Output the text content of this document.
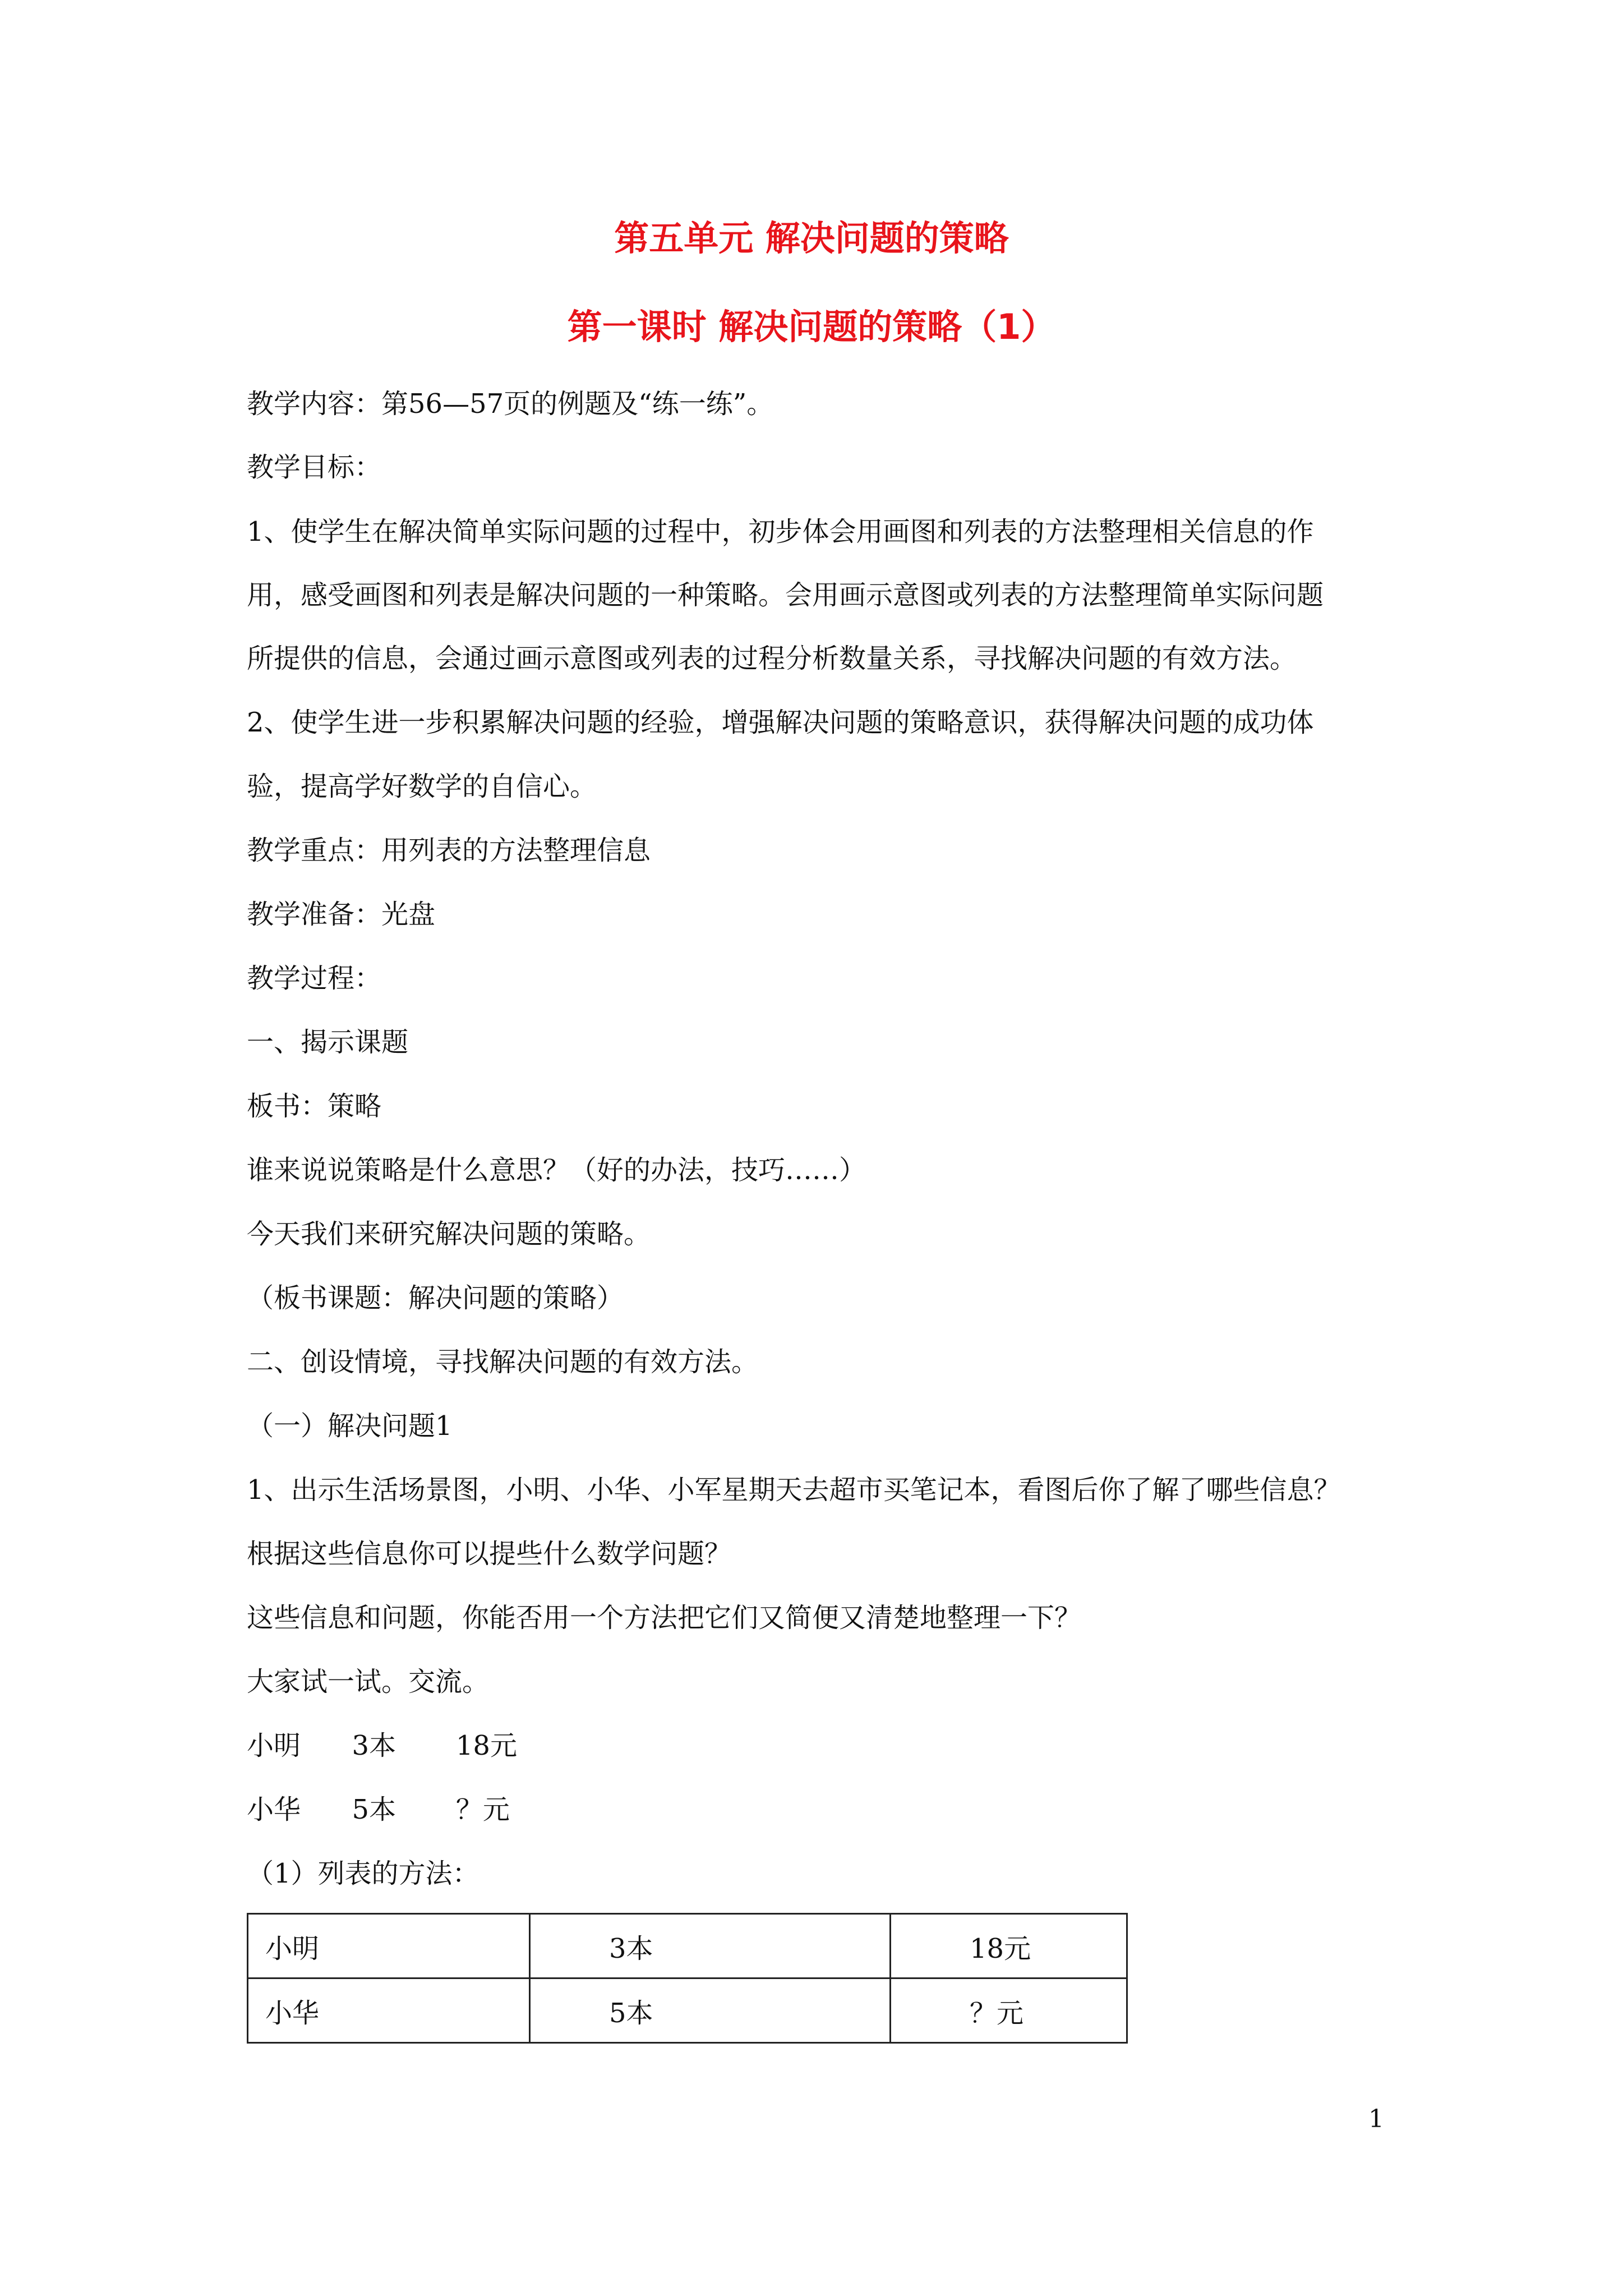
第五单元 解决问题的策略
第一课时 解决问题的策略（1）
教学内容：第56—57页的例题及“练一练”。
教学目标：
1、使学生在解决简单实际问题的过程中，初步体会用画图和列表的方法整理相关信息的作
用，感受画图和列表是解决问题的一种策略。会用画示意图或列表的方法整理简单实际问题
所提供的信息，会通过画示意图或列表的过程分析数量关系，寻找解决问题的有效方法。
2、使学生进一步积累解决问题的经验，增强解决问题的策略意识，获得解决问题的成功体
验，提高学好数学的自信心。
教学重点：用列表的方法整理信息
教学准备：光盘
教学过程：
一、揭示课题
板书：策略
谁来说说策略是什么意思？（好的办法，技巧……）
今天我们来研究解决问题的策略。
（板书课题：解决问题的策略）
二、创设情境，寻找解决问题的有效方法。
（一）解决问题1
1、出示生活场景图，小明、小华、小军星期天去超市买笔记本，看图后你了解了哪些信息？
根据这些信息你可以提些什么数学问题？
这些信息和问题，你能否用一个方法把它们又简便又清楚地整理一下？
大家试一试。交流。
小明      3本       18元
小华      5本       ？元
（1）列表的方法：
小明	3本	18元
小华	5本	？元
1
